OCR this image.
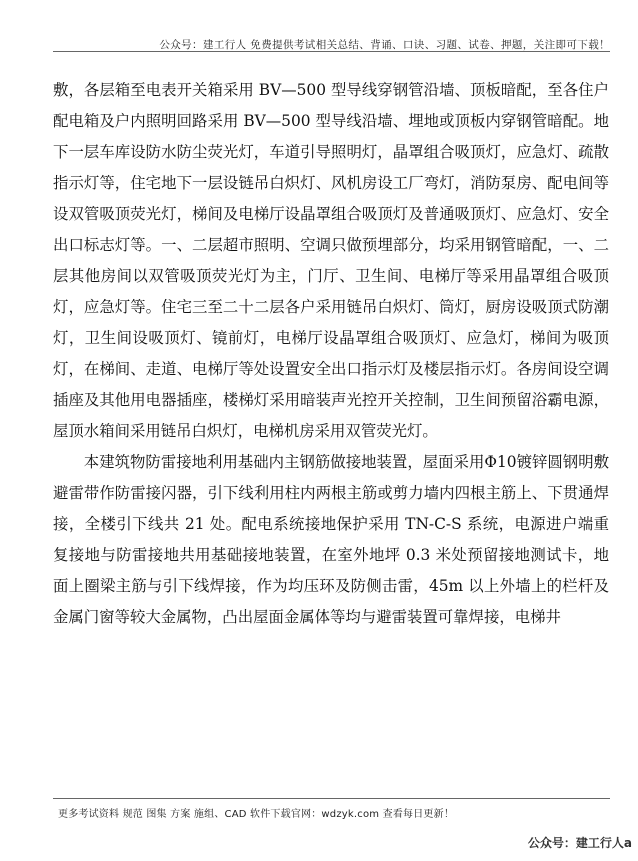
公众号：建工行人 免费提供考试相关总结、背诵、口诀、习题、试卷、押题，关注即可下载！

敷，各层箱至电表开关箱采用 BV—500 型导线穿钢管沿墙、顶板暗配，至各住户配电箱及户内照明回路采用 BV—500 型导线沿墙、埋地或顶板内穿钢管暗配。地下一层车库设防水防尘荧光灯，车道引导照明灯，晶罩组合吸顶灯，应急灯、疏散指示灯等，住宅地下一层设链吊白炽灯、风机房设工厂弯灯，消防泵房、配电间等设双管吸顶荧光灯，梯间及电梯厅设晶罩组合吸顶灯及普通吸顶灯、应急灯、安全出口标志灯等。一、二层超市照明、空调只做预埋部分，均采用钢管暗配，一、二层其他房间以双管吸顶荧光灯为主，门厅、卫生间、电梯厅等采用晶罩组合吸顶灯，应急灯等。住宅三至二十二层各户采用链吊白炽灯、筒灯，厨房设吸顶式防潮灯，卫生间设吸顶灯、镜前灯，电梯厅设晶罩组合吸顶灯、应急灯，梯间为吸顶灯，在梯间、走道、电梯厅等处设置安全出口指示灯及楼层指示灯。各房间设空调插座及其他用电器插座，楼梯灯采用暗装声光控开关控制，卫生间预留浴霸电源，屋顶水箱间采用链吊白炽灯，电梯机房采用双管荧光灯。

本建筑物防雷接地利用基础内主钢筋做接地装置，屋面采用Φ10镀锌圆钢明敷避雷带作防雷接闪器，引下线利用柱内两根主筋或剪力墙内四根主筋上、下贯通焊接，全楼引下线共 21 处。配电系统接地保护采用 TN-C-S 系统，电源进户端重复接地与防雷接地共用基础接地装置，在室外地坪 0.3 米处预留接地测试卡，地面上圈梁主筋与引下线焊接，作为均压环及防侧击雷，45m 以上外墙上的栏杆及金属门窗等较大金属物，凸出屋面金属体等均与避雷装置可靠焊接，电梯井

更多考试资料 规范 图集 方案 施组、CAD 软件下载官网：wdzyk.com 查看每日更新！
公众号：建工行人a
